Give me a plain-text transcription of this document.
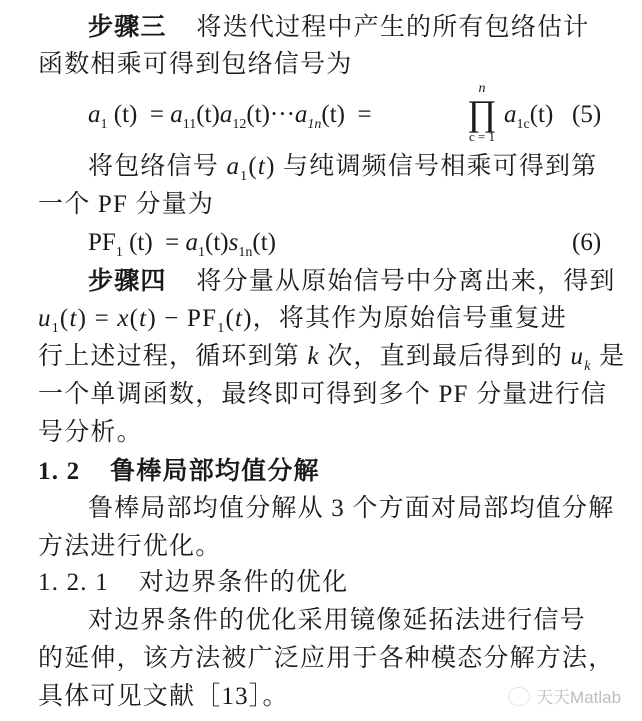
步骤三 将迭代过程中产生的所有包络估计
函数相乘可得到包络信号为
$a_1$ $(t) = a_{11}(t)a_{12}(t)\cdot\cdot\cdot a_{1n}(t)$ =
n
∏
c = 1
$a_{1c}(t)$ (5)
将包络信号 $a_1(t)$ 与纯调频信号相乘可得到第
一个 PF 分量为
$PF_1$ $(t) = a_1(t)s_{1n}(t)$	(6)
步骤四 将分量从原始信号中分离出来，得到
$u_1(t) = x(t) - PF_1(t)$，将其作为原始信号重复进
行上述过程，循环到第 k 次，直到最后得到的 $u_k$ 是
一个单调函数，最终即可得到多个 PF 分量进行信
号分析。
1. 2 鲁棒局部均值分解
鲁棒局部均值分解从 3 个方面对局部均值分解
方法进行优化。
1. 2. 1 对边界条件的优化
对边界条件的优化采用镜像延拓法进行信号
的延伸，该方法被广泛应用于各种模态分解方法，
具体可见文献［13］。	天天Matlab
